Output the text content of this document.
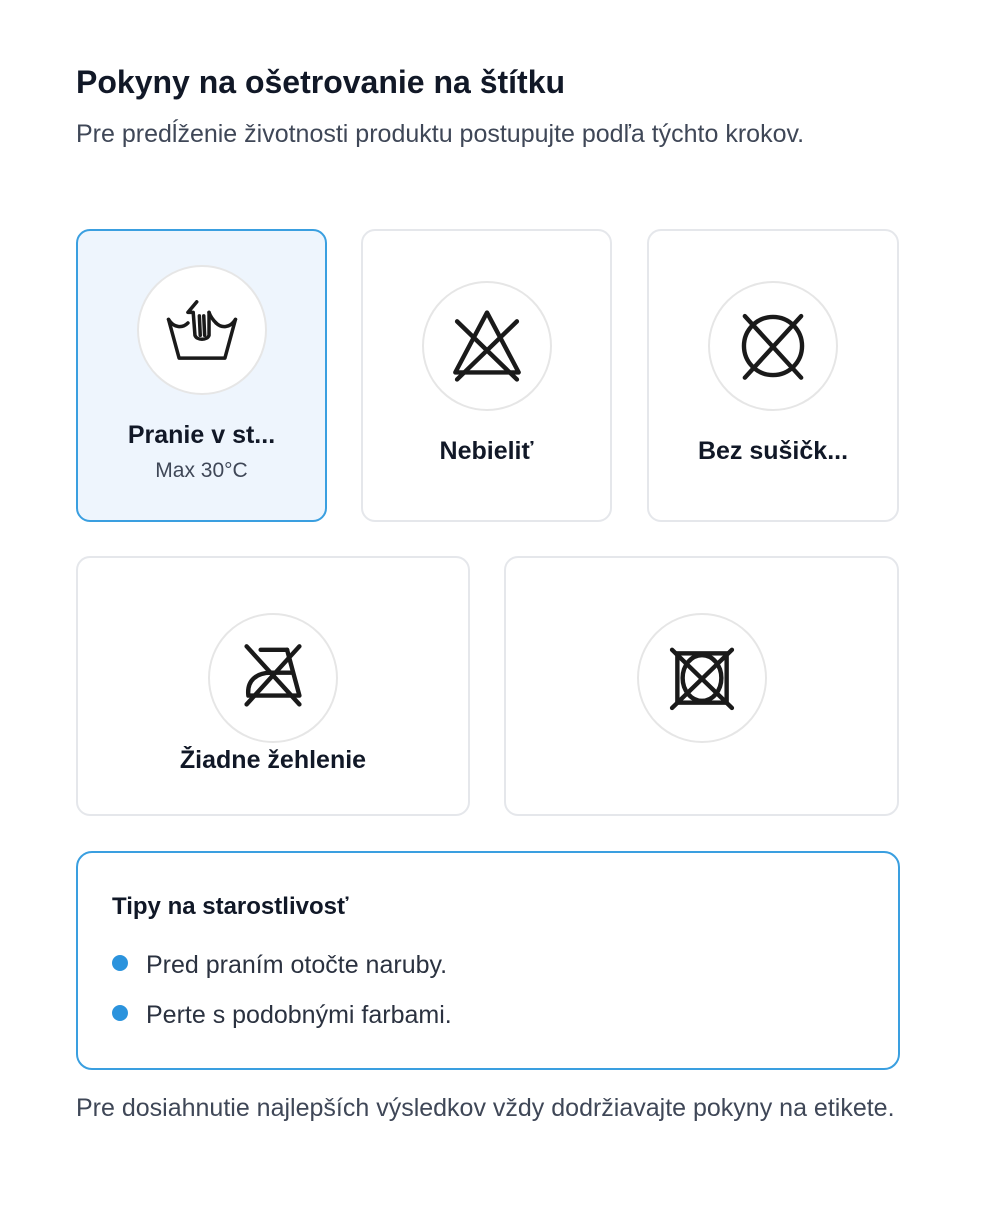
Pokyny na ošetrovanie na štítku

Pre predĺženie životnosti produktu postupujte podľa týchto krokov.

Pranie v st...
Max 30°C
Nebieliť	Bez sušičk...
Žiadne žehlenie
Tipy na starostlivosť
Pred praním otočte naruby.
Perte s podobnými farbami.

Pre dosiahnutie najlepších výsledkov vždy dodržiavajte pokyny na etikete.
